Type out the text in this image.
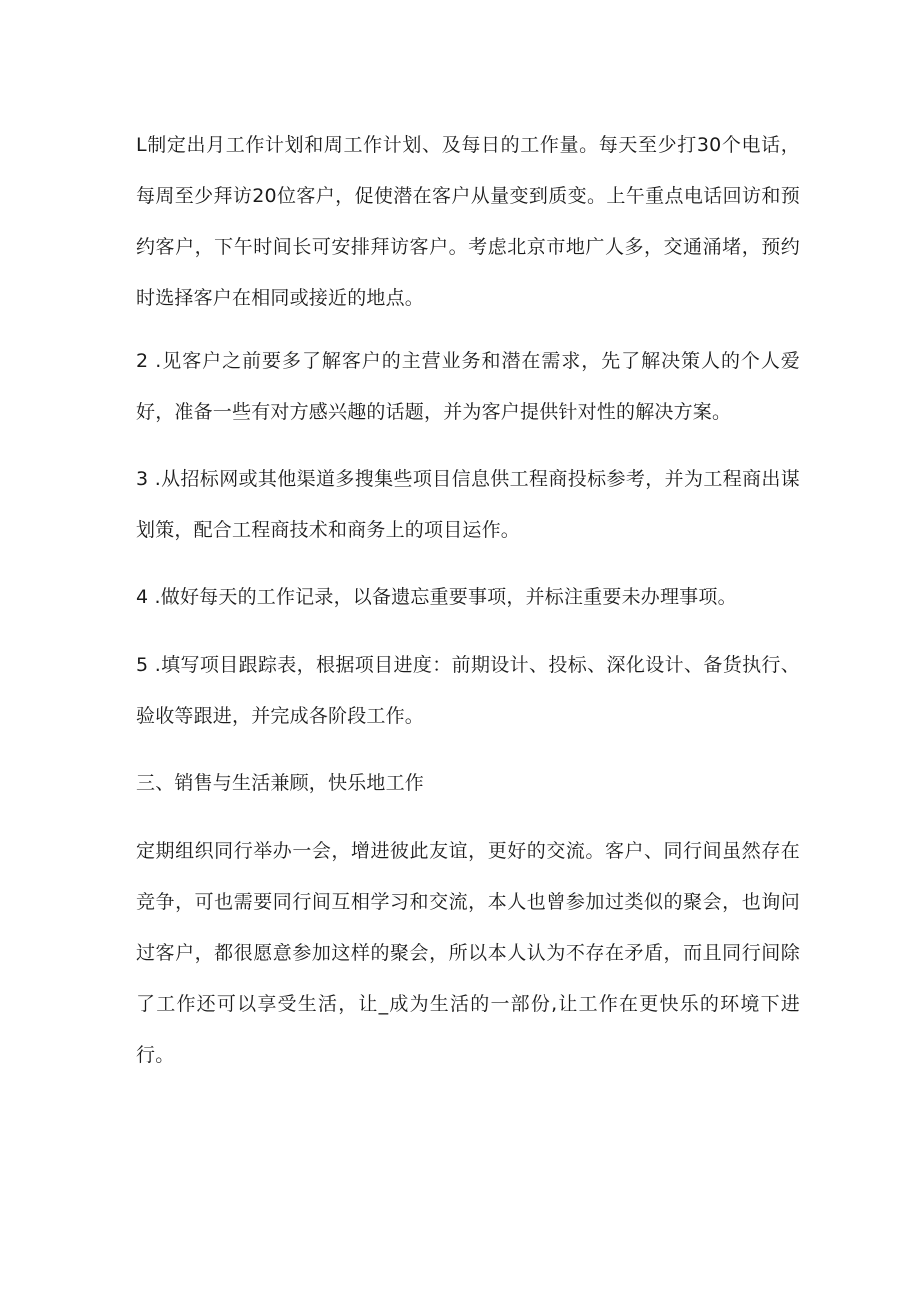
L制定出月工作计划和周工作计划、及每日的工作量。每天至少打30个电话，每周至少拜访20位客户，促使潜在客户从量变到质变。上午重点电话回访和预约客户，下午时间长可安排拜访客户。考虑北京市地广人多，交通涌堵，预约时选择客户在相同或接近的地点。

2 .见客户之前要多了解客户的主营业务和潜在需求，先了解决策人的个人爱好，准备一些有对方感兴趣的话题，并为客户提供针对性的解决方案。

3 .从招标网或其他渠道多搜集些项目信息供工程商投标参考，并为工程商出谋划策，配合工程商技术和商务上的项目运作。

4 .做好每天的工作记录，以备遗忘重要事项，并标注重要未办理事项。

5 .填写项目跟踪表，根据项目进度：前期设计、投标、深化设计、备货执行、验收等跟进，并完成各阶段工作。

三、销售与生活兼顾，快乐地工作

定期组织同行举办一会，增进彼此友谊，更好的交流。客户、同行间虽然存在竞争，可也需要同行间互相学习和交流，本人也曾参加过类似的聚会，也询问过客户，都很愿意参加这样的聚会，所以本人认为不存在矛盾，而且同行间除了工作还可以享受生活，让_成为生活的一部份,让工作在更快乐的环境下进行。
